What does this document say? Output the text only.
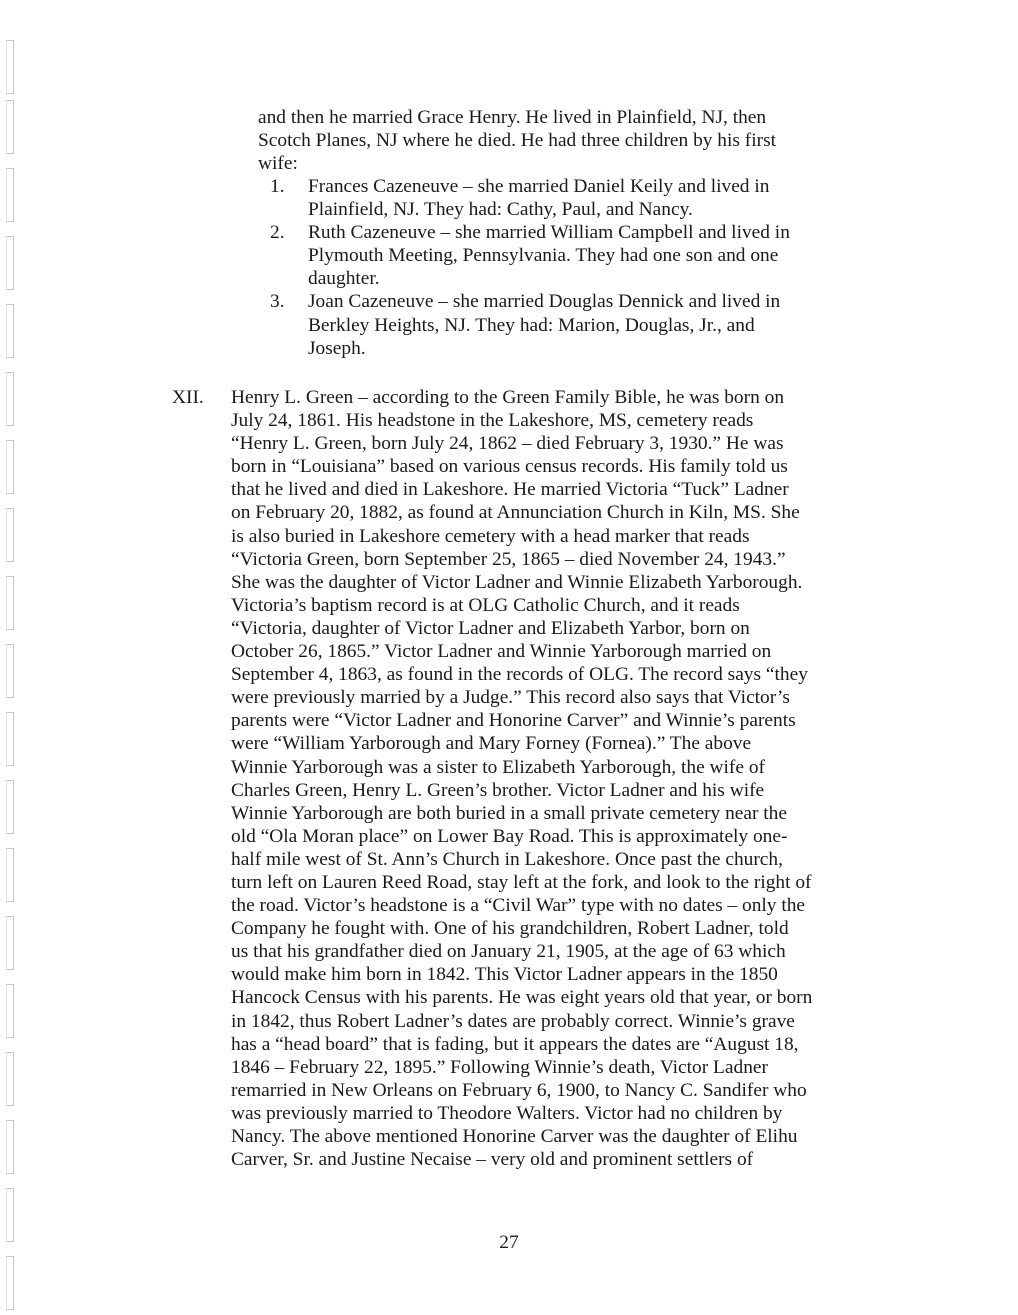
and then he married Grace Henry. He lived in Plainfield, NJ, then
Scotch Planes, NJ where he died. He had three children by his first
wife:
1. Frances Cazeneuve – she married Daniel Keily and lived in
Plainfield, NJ. They had: Cathy, Paul, and Nancy.
2. Ruth Cazeneuve – she married William Campbell and lived in
Plymouth Meeting, Pennsylvania. They had one son and one
daughter.
3. Joan Cazeneuve – she married Douglas Dennick and lived in
Berkley Heights, NJ. They had: Marion, Douglas, Jr., and
Joseph.
XII. Henry L. Green – according to the Green Family Bible, he was born on
July 24, 1861. His headstone in the Lakeshore, MS, cemetery reads
“Henry L. Green, born July 24, 1862 – died February 3, 1930.” He was
born in “Louisiana” based on various census records. His family told us
that he lived and died in Lakeshore. He married Victoria “Tuck” Ladner
on February 20, 1882, as found at Annunciation Church in Kiln, MS. She
is also buried in Lakeshore cemetery with a head marker that reads
“Victoria Green, born September 25, 1865 – died November 24, 1943.”
She was the daughter of Victor Ladner and Winnie Elizabeth Yarborough.
Victoria’s baptism record is at OLG Catholic Church, and it reads
“Victoria, daughter of Victor Ladner and Elizabeth Yarbor, born on
October 26, 1865.” Victor Ladner and Winnie Yarborough married on
September 4, 1863, as found in the records of OLG. The record says “they
were previously married by a Judge.” This record also says that Victor’s
parents were “Victor Ladner and Honorine Carver” and Winnie’s parents
were “William Yarborough and Mary Forney (Fornea).” The above
Winnie Yarborough was a sister to Elizabeth Yarborough, the wife of
Charles Green, Henry L. Green’s brother. Victor Ladner and his wife
Winnie Yarborough are both buried in a small private cemetery near the
old “Ola Moran place” on Lower Bay Road. This is approximately one-
half mile west of St. Ann’s Church in Lakeshore. Once past the church,
turn left on Lauren Reed Road, stay left at the fork, and look to the right of
the road. Victor’s headstone is a “Civil War” type with no dates – only the
Company he fought with. One of his grandchildren, Robert Ladner, told
us that his grandfather died on January 21, 1905, at the age of 63 which
would make him born in 1842. This Victor Ladner appears in the 1850
Hancock Census with his parents. He was eight years old that year, or born
in 1842, thus Robert Ladner’s dates are probably correct. Winnie’s grave
has a “head board” that is fading, but it appears the dates are “August 18,
1846 – February 22, 1895.” Following Winnie’s death, Victor Ladner
remarried in New Orleans on February 6, 1900, to Nancy C. Sandifer who
was previously married to Theodore Walters. Victor had no children by
Nancy. The above mentioned Honorine Carver was the daughter of Elihu
Carver, Sr. and Justine Necaise – very old and prominent settlers of
27
